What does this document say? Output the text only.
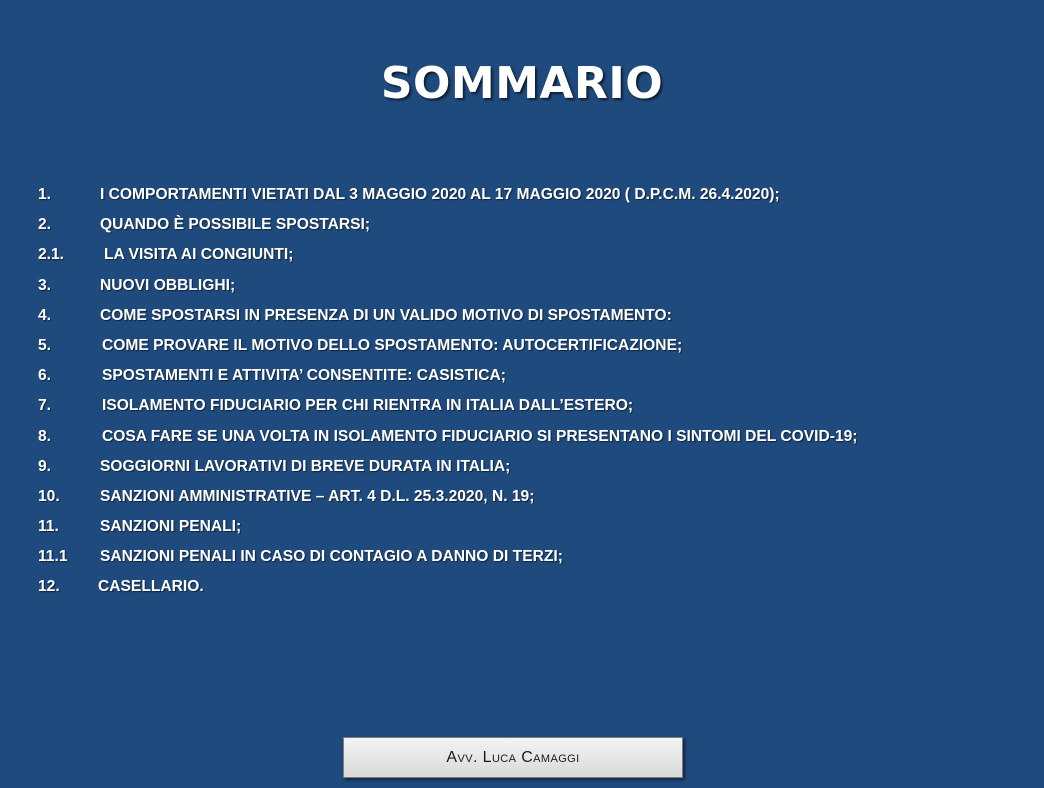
SOMMARIO
1.	I COMPORTAMENTI VIETATI DAL 3 MAGGIO 2020 AL 17 MAGGIO 2020 ( D.P.C.M. 26.4.2020);
2.	QUANDO È POSSIBILE SPOSTARSI;
2.1.	LA VISITA AI CONGIUNTI;
3.	NUOVI OBBLIGHI;
4.	COME SPOSTARSI IN PRESENZA DI UN VALIDO MOTIVO DI SPOSTAMENTO:
5.	COME PROVARE IL MOTIVO DELLO SPOSTAMENTO: AUTOCERTIFICAZIONE;
6.	SPOSTAMENTI E ATTIVITA’ CONSENTITE: CASISTICA;
7.	ISOLAMENTO FIDUCIARIO PER CHI RIENTRA IN ITALIA DALL’ESTERO;
8.	COSA FARE SE UNA VOLTA IN ISOLAMENTO FIDUCIARIO SI PRESENTANO I SINTOMI DEL COVID-19;
9.	SOGGIORNI LAVORATIVI DI BREVE DURATA IN ITALIA;
10.	SANZIONI AMMINISTRATIVE – ART. 4 D.L. 25.3.2020, N. 19;
11.	SANZIONI PENALI;
11.1 SANZIONI PENALI IN CASO DI CONTAGIO A DANNO DI TERZI;
12. CASELLARIO.
Avv. Luca Camaggi
